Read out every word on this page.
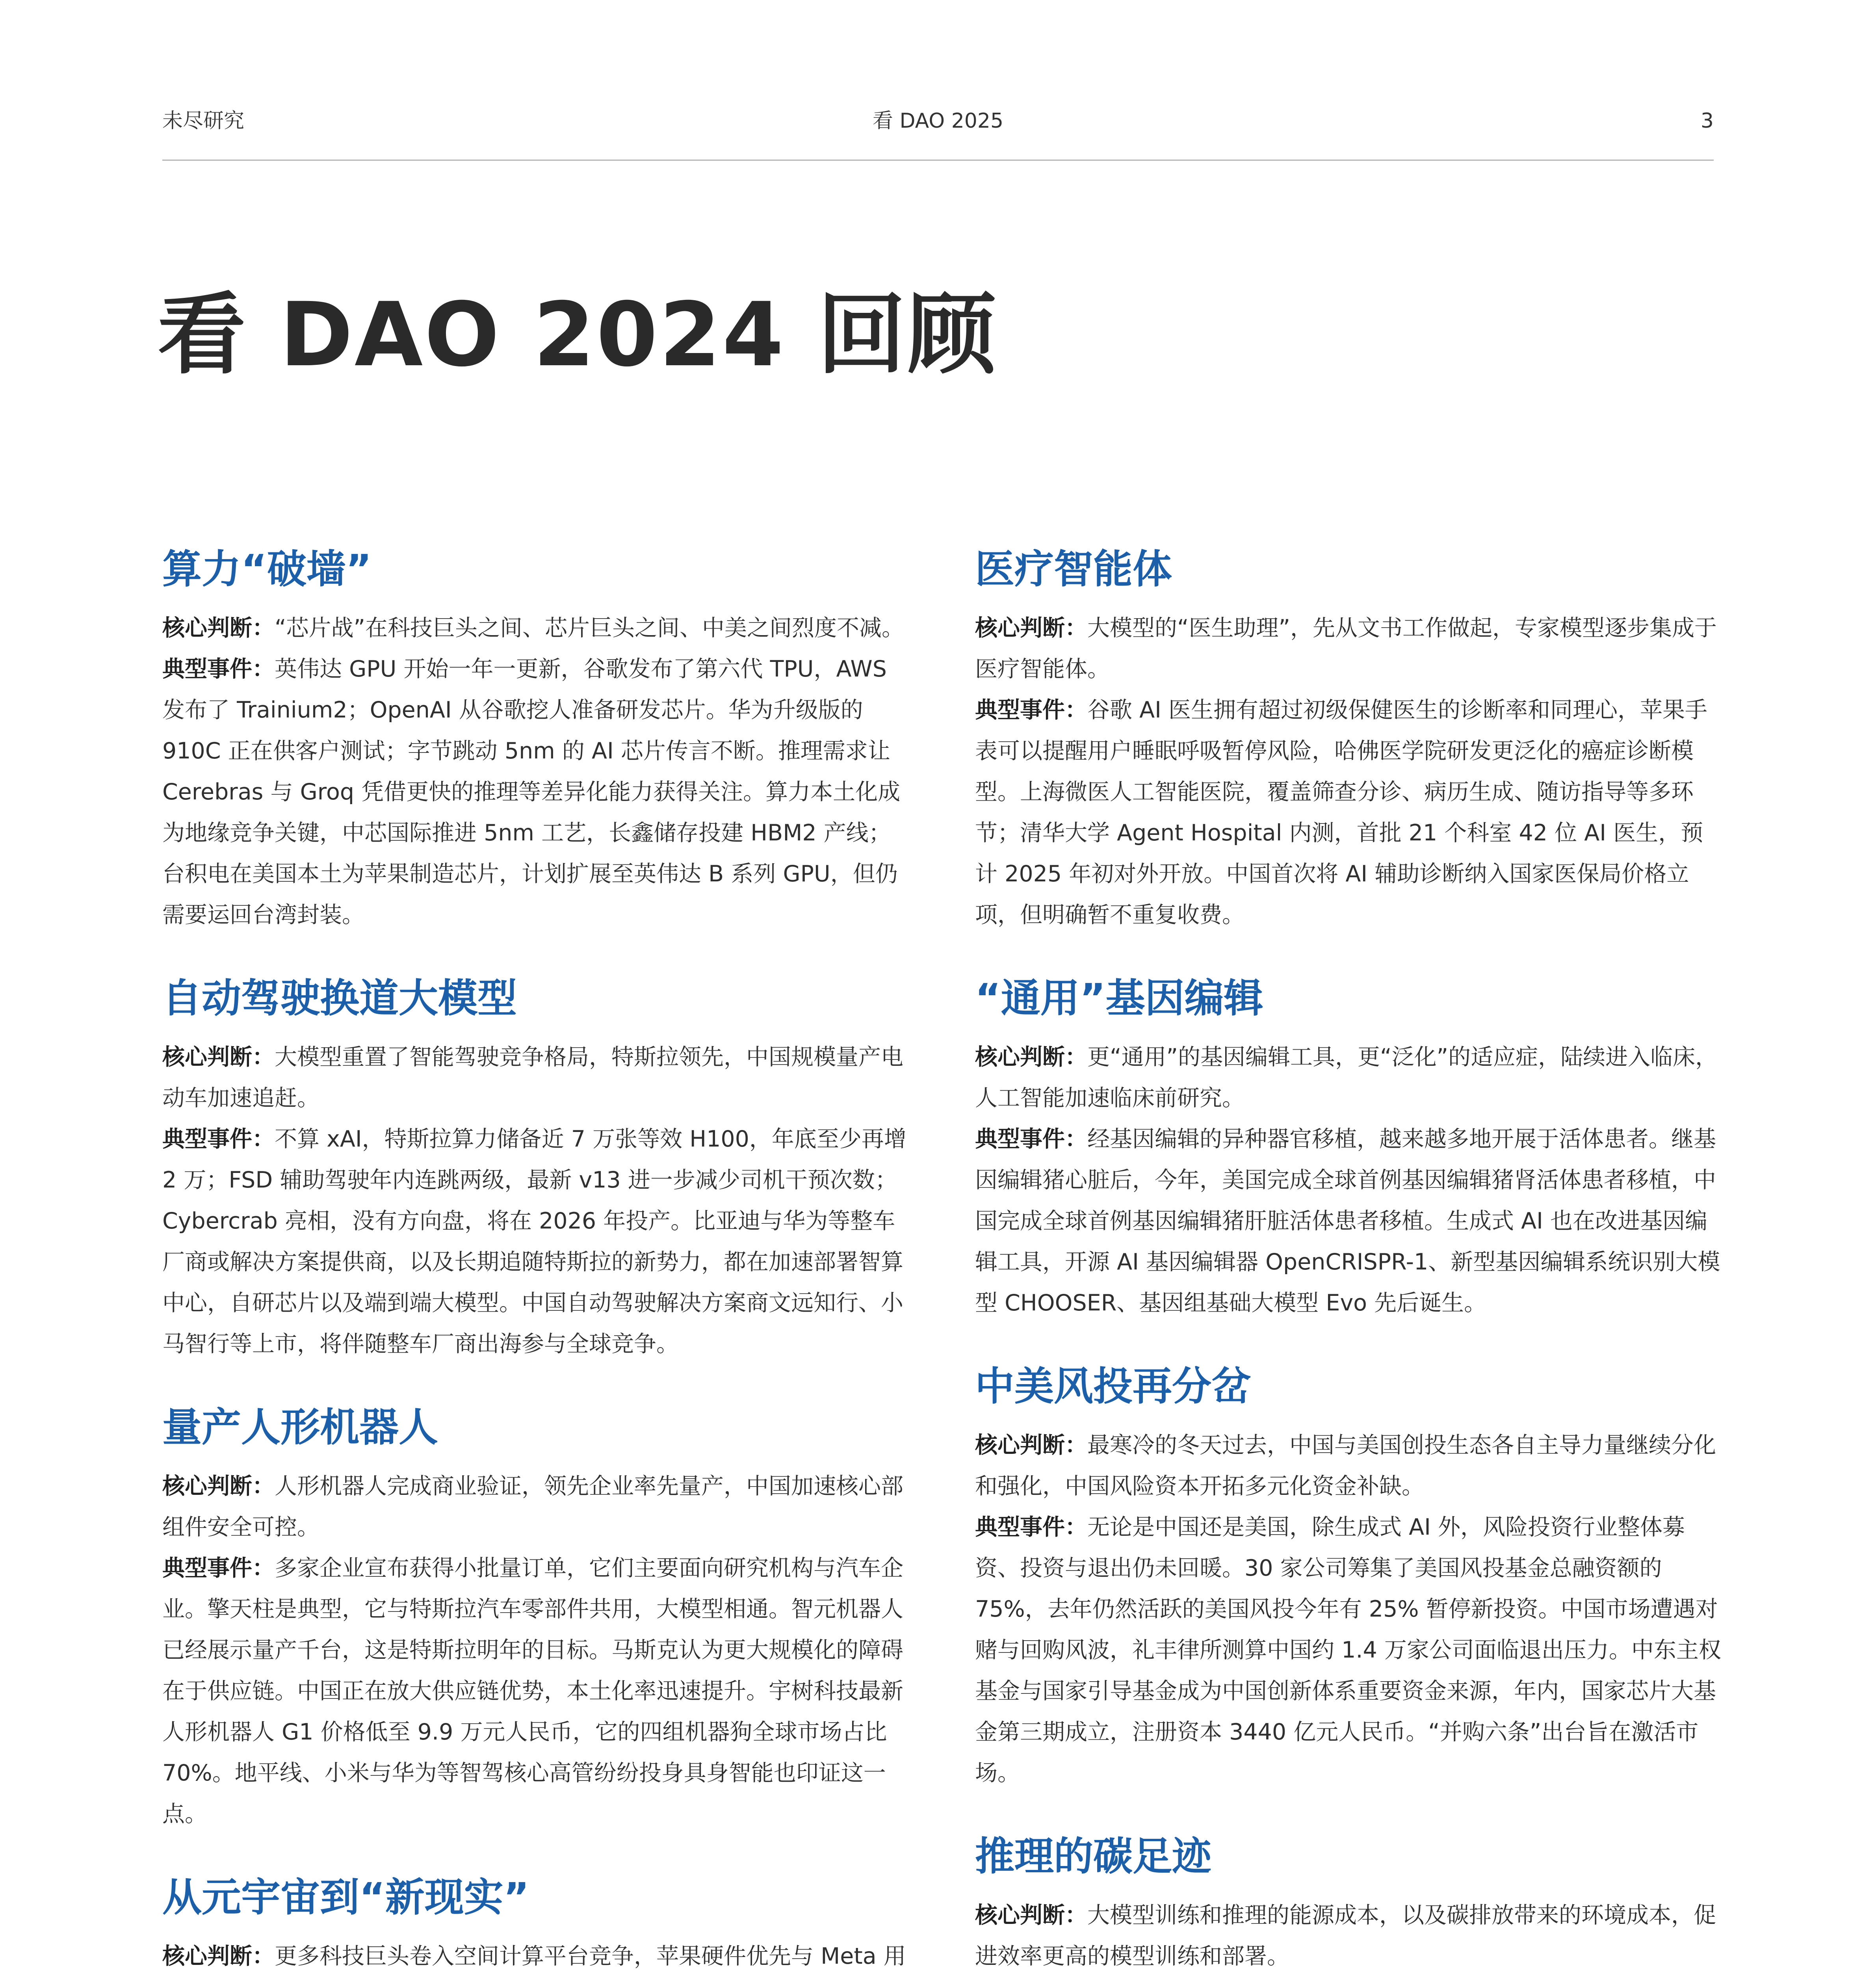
未尽研究	看 DAO 2025	3
看 DAO 2024 回顾
算力“破墙”

核心判断：“芯片战”在科技巨头之间、芯片巨头之间、中美之间烈度不减。

典型事件：英伟达 GPU 开始一年一更新，谷歌发布了第六代 TPU，AWS 发布了 Trainium2；OpenAI 从谷歌挖人准备研发芯片。华为升级版的 910C 正在供客户测试；字节跳动 5nm 的 AI 芯片传言不断。推理需求让 Cerebras 与 Groq 凭借更快的推理等差异化能力获得关注。算力本土化成为地缘竞争关键，中芯国际推进 5nm 工艺，长鑫储存投建 HBM2 产线；台积电在美国本土为苹果制造芯片，计划扩展至英伟达 B 系列 GPU，但仍需要运回台湾封装。

自动驾驶换道大模型

核心判断：大模型重置了智能驾驶竞争格局，特斯拉领先，中国规模量产电动车加速追赶。

典型事件：不算 xAI，特斯拉算力储备近 7 万张等效 H100，年底至少再增 2 万；FSD 辅助驾驶年内连跳两级，最新 v13 进一步减少司机干预次数；Cybercrab 亮相，没有方向盘，将在 2026 年投产。比亚迪与华为等整车厂商或解决方案提供商，以及长期追随特斯拉的新势力，都在加速部署智算中心，自研芯片以及端到端大模型。中国自动驾驶解决方案商文远知行、小马智行等上市，将伴随整车厂商出海参与全球竞争。

量产人形机器人

核心判断：人形机器人完成商业验证，领先企业率先量产，中国加速核心部组件安全可控。

典型事件：多家企业宣布获得小批量订单，它们主要面向研究机构与汽车企业。擎天柱是典型，它与特斯拉汽车零部件共用，大模型相通。智元机器人已经展示量产千台，这是特斯拉明年的目标。马斯克认为更大规模化的障碍在于供应链。中国正在放大供应链优势，本土化率迅速提升。宇树科技最新人形机器人 G1 价格低至 9.9 万元人民币，它的四组机器狗全球市场占比 70%。地平线、小米与华为等智驾核心高管纷纷投身具身智能也印证这一点。

从元宇宙到“新现实”

核心判断：更多科技巨头卷入空间计算平台竞争，苹果硬件优先与 Meta 用

医疗智能体

核心判断：大模型的“医生助理”，先从文书工作做起，专家模型逐步集成于医疗智能体。

典型事件：谷歌 AI 医生拥有超过初级保健医生的诊断率和同理心，苹果手表可以提醒用户睡眠呼吸暂停风险，哈佛医学院研发更泛化的癌症诊断模型。上海微医人工智能医院，覆盖筛查分诊、病历生成、随访指导等多环节；清华大学 Agent Hospital 内测，首批 21 个科室 42 位 AI 医生，预计 2025 年初对外开放。中国首次将 AI 辅助诊断纳入国家医保局价格立项，但明确暂不重复收费。

“通用”基因编辑

核心判断：更“通用”的基因编辑工具，更“泛化”的适应症，陆续进入临床，人工智能加速临床前研究。

典型事件：经基因编辑的异种器官移植，越来越多地开展于活体患者。继基因编辑猪心脏后，今年，美国完成全球首例基因编辑猪肾活体患者移植，中国完成全球首例基因编辑猪肝脏活体患者移植。生成式 AI 也在改进基因编辑工具，开源 AI 基因编辑器 OpenCRISPR-1、新型基因编辑系统识别大模型 CHOOSER、基因组基础大模型 Evo 先后诞生。

中美风投再分岔

核心判断：最寒冷的冬天过去，中国与美国创投生态各自主导力量继续分化和强化，中国风险资本开拓多元化资金补缺。

典型事件：无论是中国还是美国，除生成式 AI 外，风险投资行业整体募资、投资与退出仍未回暖。30 家公司筹集了美国风投基金总融资额的 75%，去年仍然活跃的美国风投今年有 25% 暂停新投资。中国市场遭遇对赌与回购风波，礼丰律所测算中国约 1.4 万家公司面临退出压力。中东主权基金与国家引导基金成为中国创新体系重要资金来源，年内，国家芯片大基金第三期成立，注册资本 3440 亿元人民币。“并购六条”出台旨在激活市场。

推理的碳足迹

核心判断：大模型训练和推理的能源成本，以及碳排放带来的环境成本，促进效率更高的模型训练和部署。
